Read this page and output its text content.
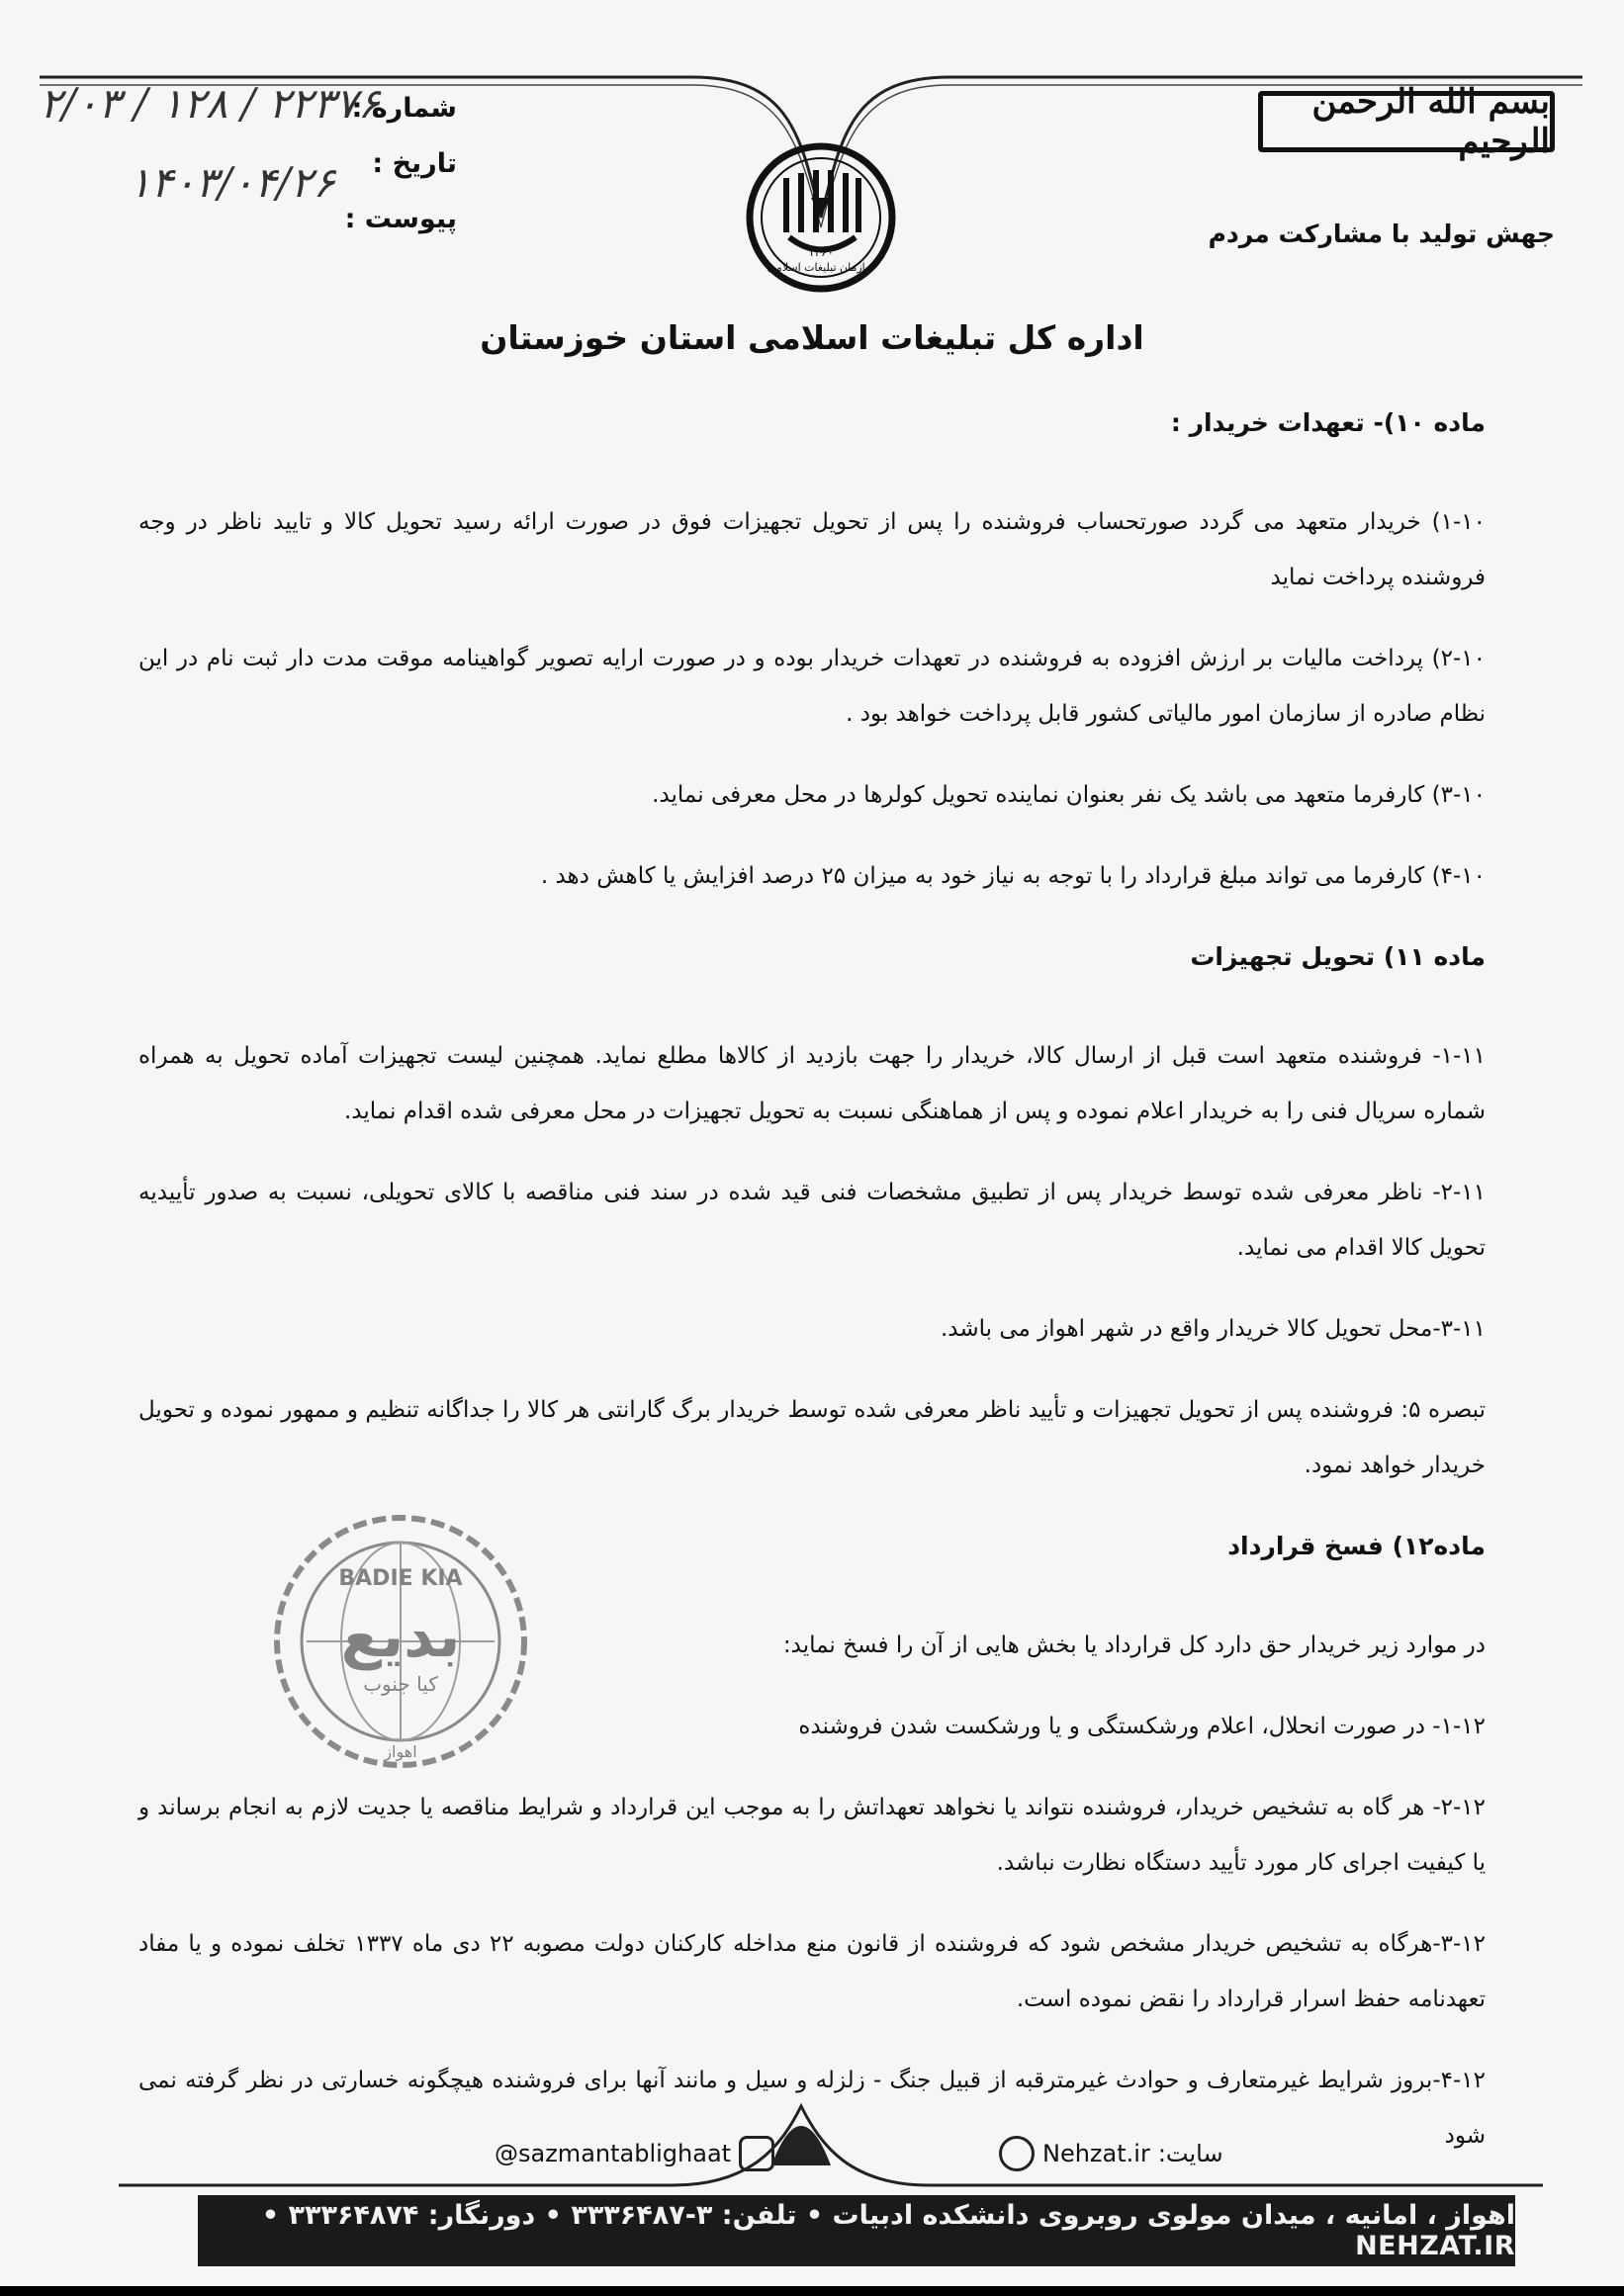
بسم الله الرحمن الرحیم
جهش تولید با مشارکت مردم
۱۳۶۰
سازمان تبلیغات اسلامی
اداره کل تبلیغات اسلامی استان خوزستان
شماره :
۲۲۳۷۶ / ۱۲۸ / ۲/۰۳
تاریخ :
۱۴۰۳/۰۴/۲۶
پیوست :

ماده ۱۰)- تعهدات خریدار :

۱-۱۰) خریدار متعهد می گردد صورتحساب فروشنده را پس از تحویل تجهیزات فوق در صورت ارائه رسید تحویل کالا و تایید ناظر در وجه فروشنده پرداخت نماید

۲-۱۰) پرداخت مالیات بر ارزش افزوده به فروشنده در تعهدات خریدار بوده و در صورت ارایه تصویر گواهینامه موقت مدت دار ثبت نام در این نظام صادره از سازمان امور مالیاتی کشور قابل پرداخت خواهد بود .

۳-۱۰) کارفرما متعهد می باشد یک نفر بعنوان نماینده تحویل کولرها در محل معرفی نماید.

۴-۱۰) کارفرما می تواند مبلغ قرارداد را با توجه به نیاز خود به میزان ۲۵ درصد افزایش یا کاهش دهد .

ماده ۱۱) تحویل تجهیزات

۱-۱۱- فروشنده متعهد است قبل از ارسال کالا، خریدار را جهت بازدید از کالاها مطلع نماید. همچنین لیست تجهیزات آماده تحویل به همراه شماره سریال فنی را به خریدار اعلام نموده و پس از هماهنگی نسبت به تحویل تجهیزات در محل معرفی شده اقدام نماید.

۲-۱۱- ناظر معرفی شده توسط خریدار پس از تطبیق مشخصات فنی قید شده در سند فنی مناقصه با کالای تحویلی، نسبت به صدور تأییدیه تحویل کالا اقدام می نماید.

۳-۱۱-محل تحویل کالا خریدار واقع در شهر اهواز می باشد.

تبصره ۵: فروشنده پس از تحویل تجهیزات و تأیید ناظر معرفی شده توسط خریدار برگ گارانتی هر کالا را جداگانه تنظیم و ممهور نموده و تحویل خریدار خواهد نمود.

ماده۱۲) فسخ قرارداد

در موارد زیر خریدار حق دارد کل قرارداد یا بخش هایی از آن را فسخ نماید:

۱-۱۲- در صورت انحلال، اعلام ورشکستگی و یا ورشکست شدن فروشنده

۲-۱۲- هر گاه به تشخیص خریدار، فروشنده نتواند یا نخواهد تعهداتش را به موجب این قرارداد و شرایط مناقصه یا جدیت لازم به انجام برساند و یا کیفیت اجرای کار مورد تأیید دستگاه نظارت نباشد.

۳-۱۲-هرگاه به تشخیص خریدار مشخص شود که فروشنده از قانون منع مداخله کارکنان دولت مصوبه ۲۲ دی ماه ۱۳۳۷ تخلف نموده و یا مفاد تعهدنامه حفظ اسرار قرارداد را نقض نموده است.

۴-۱۲-بروز شرایط غیرمتعارف و حوادث غیرمترقبه از قبیل جنگ - زلزله و سیل و مانند آنها برای فروشنده هیچگونه خسارتی در نظر گرفته نمی شود

BADIE KIA
بدیع
کیا جنوب
اهواز
@sazmantablighaat	Nehzat.ir سایت:
اهواز ، امانیه ، میدان مولوی روبروی دانشکده ادبیات • تلفن: ۳-۳۳۳۶۴۸۷ • دورنگار: ۳۳۳۶۴۸۷۴ • NEHZAT.IR
